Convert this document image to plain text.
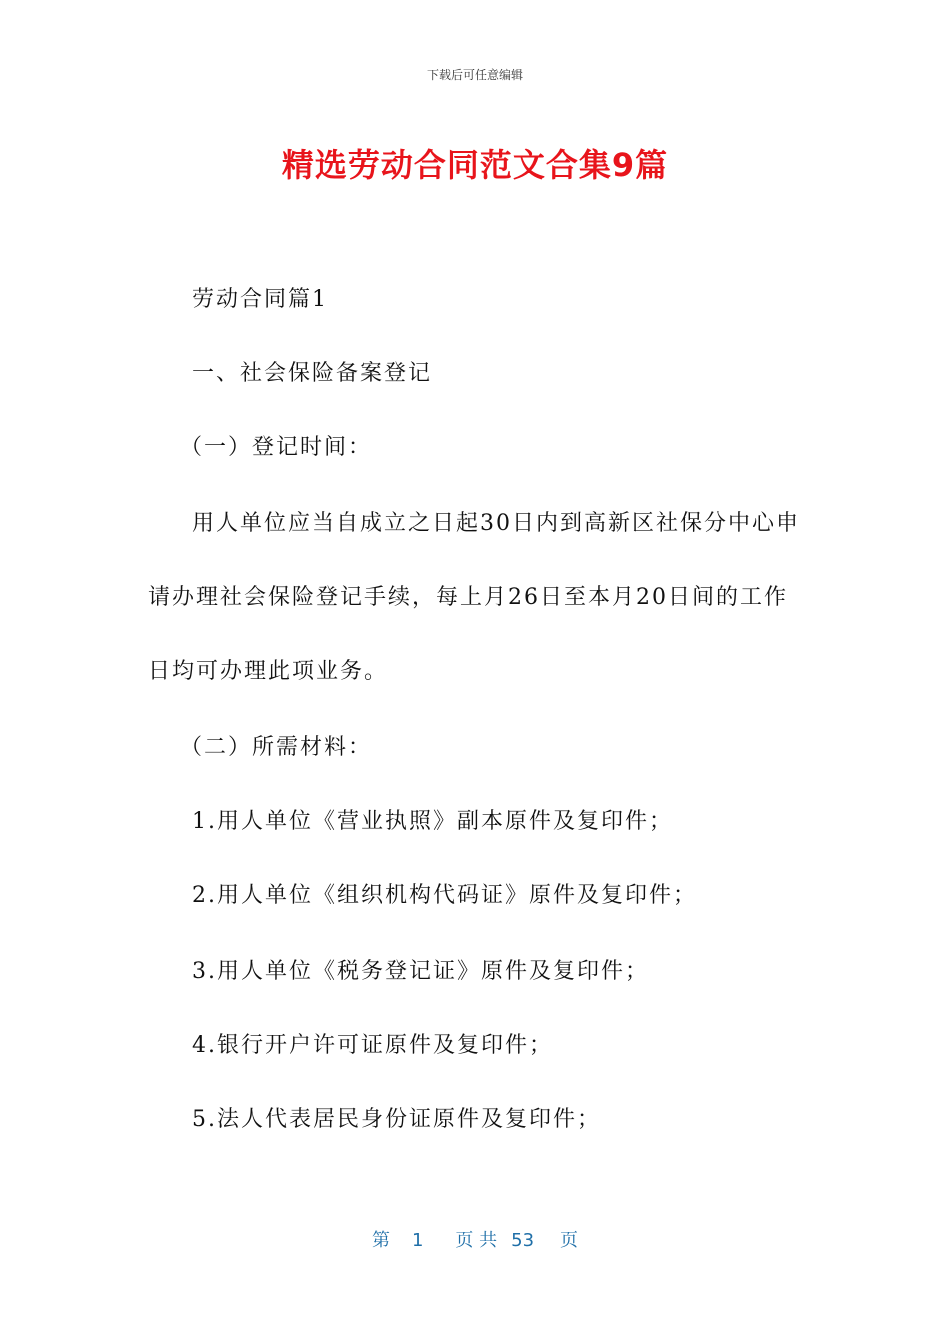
下载后可任意编辑
精选劳动合同范文合集9篇
劳动合同篇1
一、社会保险备案登记
（一）登记时间：
用人单位应当自成立之日起30日内到高新区社保分中心申
请办理社会保险登记手续，每上月26日至本月20日间的工作
日均可办理此项业务。
（二）所需材料：
1.用人单位《营业执照》副本原件及复印件；
2.用人单位《组织机构代码证》原件及复印件；
3.用人单位《税务登记证》原件及复印件；
4.银行开户许可证原件及复印件；
5.法人代表居民身份证原件及复印件；
第 1 页 共 53 页
